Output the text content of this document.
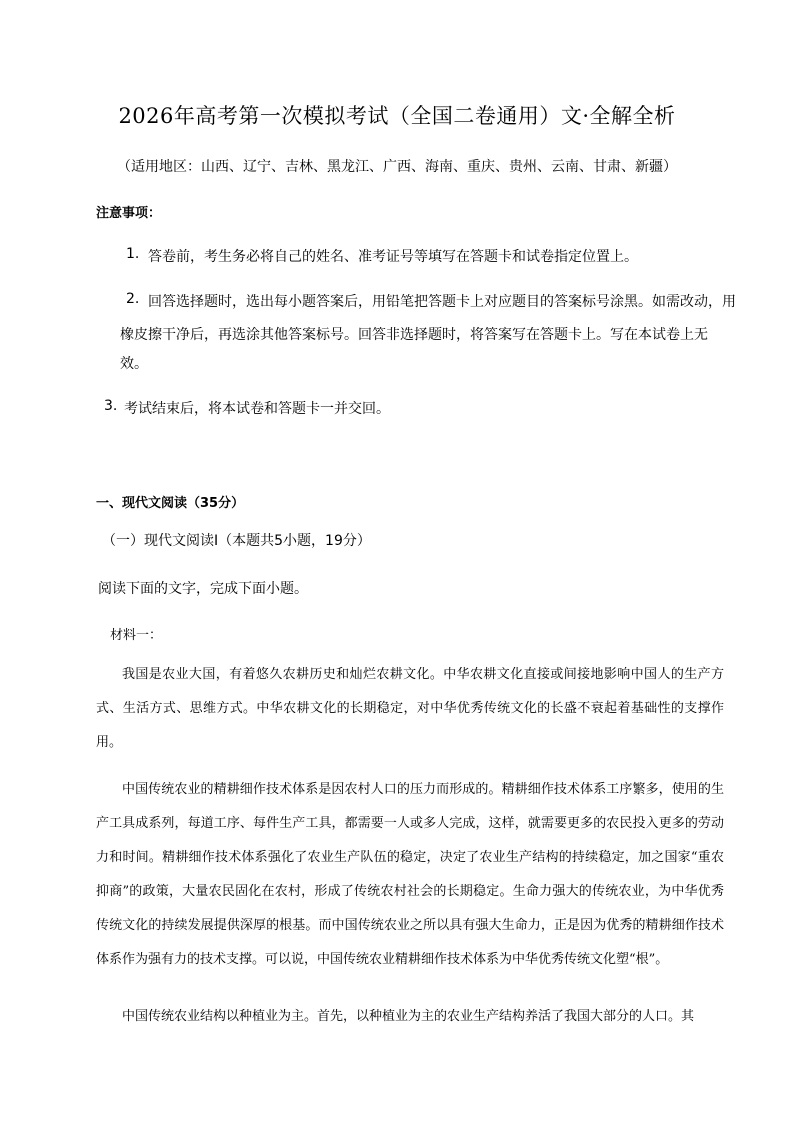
2026年高考第一次模拟考试（全国二卷通用）文·全解全析
（适用地区：山西、辽宁、吉林、黑龙江、广西、海南、重庆、贵州、云南、甘肃、新疆）
注意事项：
1. 答卷前，考生务必将自己的姓名、准考证号等填写在答题卡和试卷指定位置上。
2. 回答选择题时，选出每小题答案后，用铅笔把答题卡上对应题目的答案标号涂黑。如需改动，用
橡皮擦干净后，再选涂其他答案标号。回答非选择题时，将答案写在答题卡上。写在本试卷上无
效。
3. 考试结束后，将本试卷和答题卡一并交回。
一、现代文阅读（35分）
（一）现代文阅读Ⅰ（本题共5小题，19分）
阅读下面的文字，完成下面小题。
材料一：
我国是农业大国，有着悠久农耕历史和灿烂农耕文化。中华农耕文化直接或间接地影响中国人的生产方式、生活方式、思维方式。中华农耕文化的长期稳定，对中华优秀传统文化的长盛不衰起着基础性的支撑作用。
中国传统农业的精耕细作技术体系是因农村人口的压力而形成的。精耕细作技术体系工序繁多，使用的生产工具成系列，每道工序、每件生产工具，都需要一人或多人完成，这样，就需要更多的农民投入更多的劳动力和时间。精耕细作技术体系强化了农业生产队伍的稳定，决定了农业生产结构的持续稳定，加之国家“重农抑商”的政策，大量农民固化在农村，形成了传统农村社会的长期稳定。生命力强大的传统农业，为中华优秀传统文化的持续发展提供深厚的根基。而中国传统农业之所以具有强大生命力，正是因为优秀的精耕细作技术体系作为强有力的技术支撑。可以说，中国传统农业精耕细作技术体系为中华优秀传统文化塑“根”。
中国传统农业结构以种植业为主。首先，以种植业为主的农业生产结构养活了我国大部分的人口。其
